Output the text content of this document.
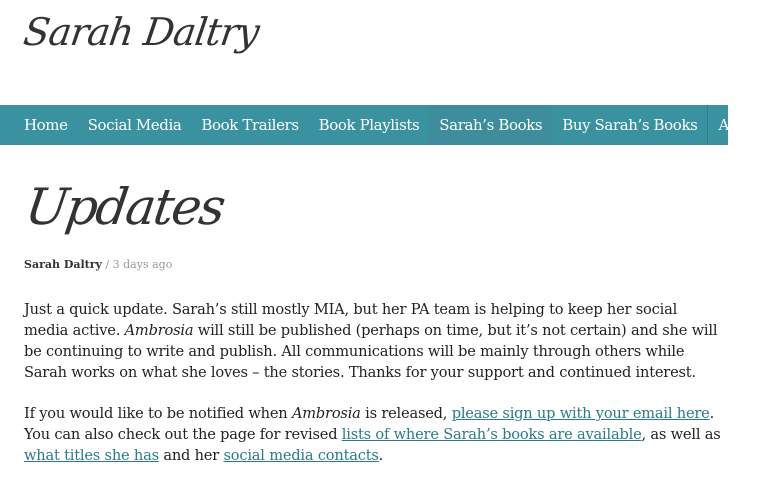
Sarah Daltry
Home	Social Media	Book Trailers	Book Playlists	Sarah’s Books	Buy Sarah’s Books	About
Updates
Sarah Daltry / 3 days ago

Just a quick update. Sarah’s still mostly MIA, but her PA team is helping to keep her social media active. Ambrosia will still be published (perhaps on time, but it’s not certain) and she will be continuing to write and publish. All communications will be mainly through others while Sarah works on what she loves – the stories. Thanks for your support and continued interest.

If you would like to be notified when Ambrosia is released, please sign up with your email here. You can also check out the page for revised lists of where Sarah’s books are available, as well as what titles she has and her social media contacts.
